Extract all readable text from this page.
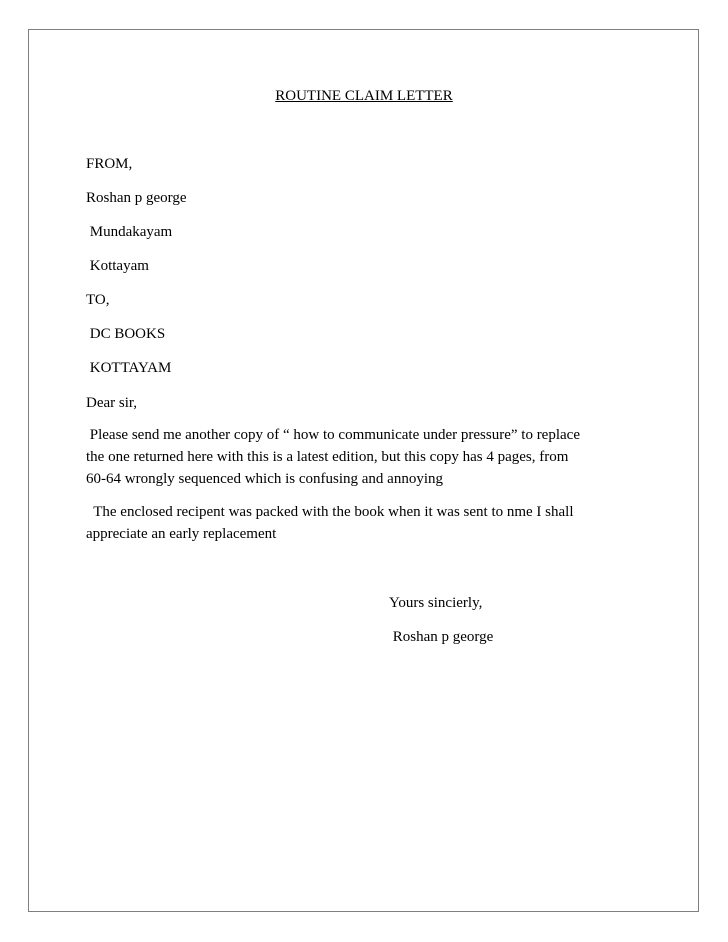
ROUTINE CLAIM LETTER
FROM,
Roshan p george
Mundakayam
Kottayam
TO,
DC BOOKS
KOTTAYAM
Dear sir,
Please send me another copy of “ how to communicate under pressure” to replace
the one returned here with this is a latest edition, but this copy has 4 pages, from
60-64 wrongly sequenced which is confusing and annoying
The enclosed recipent was packed with the book when it was sent to nme I shall
appreciate an early replacement
Yours sincierly,
Roshan p george
